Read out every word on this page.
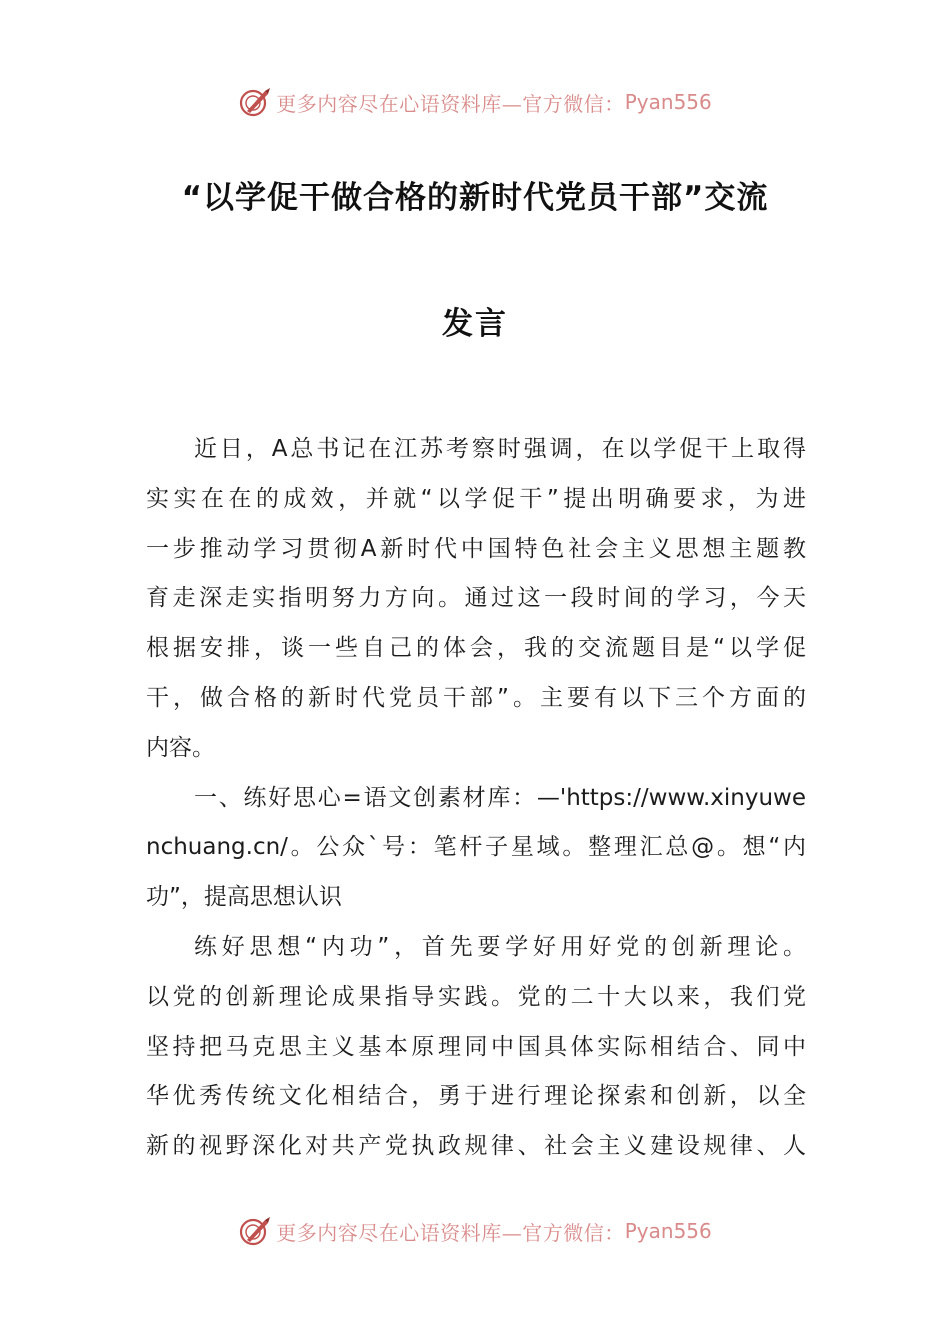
更多内容尽在心语资料库—官方微信： Pyan556
“以学促干做合格的新时代党员干部”交流
发言
近日，A总书记在江苏考察时强调，在以学促干上取得
实实在在的成效，并就“以学促干”提出明确要求，为进
一步推动学习贯彻A新时代中国特色社会主义思想主题教
育走深走实指明努力方向。通过这一段时间的学习，今天
根据安排，谈一些自己的体会，我的交流题目是“以学促
干，做合格的新时代党员干部”。主要有以下三个方面的
内容。
一、练好思心=语文创素材库：—'https://www.xinyuwe
nchuang.cn/。公众`号：笔杆子星域。整理汇总@。想“内
功”，提高思想认识
练好思想“内功”，首先要学好用好党的创新理论。
以党的创新理论成果指导实践。党的二十大以来，我们党
坚持把马克思主义基本原理同中国具体实际相结合、同中
华优秀传统文化相结合，勇于进行理论探索和创新，以全
新的视野深化对共产党执政规律、社会主义建设规律、人
更多内容尽在心语资料库—官方微信： Pyan556
